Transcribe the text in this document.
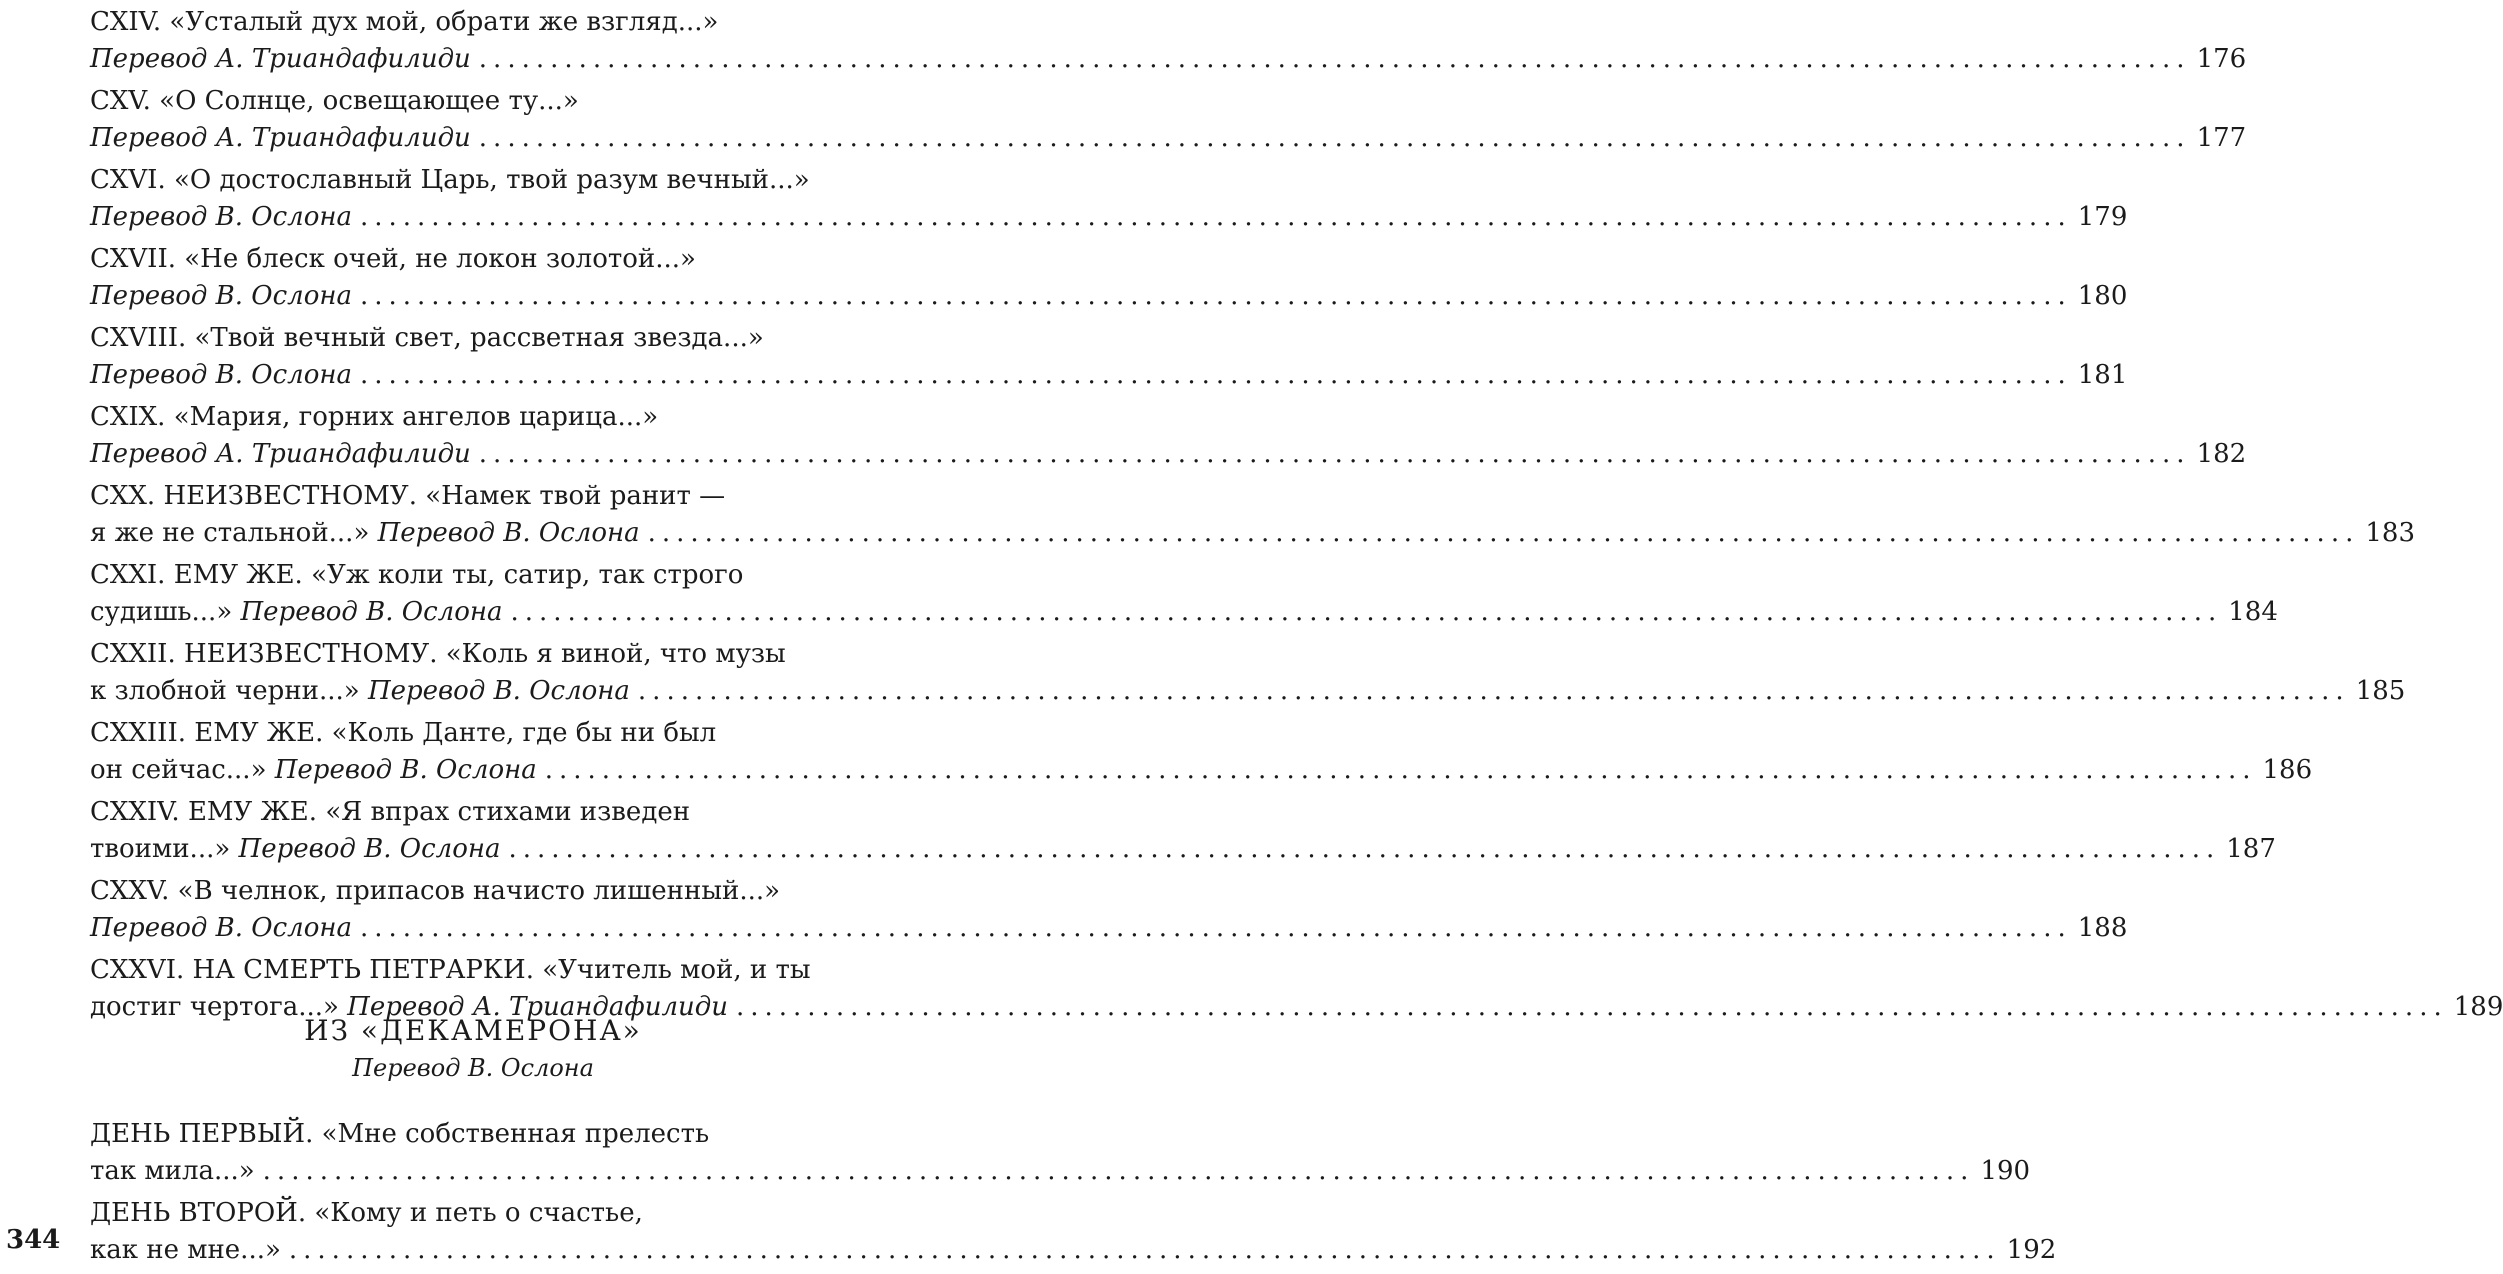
CXIV. «Усталый дух мой, обрати же взгляд...»
Перевод А. Триандафилиди ........................................................................................................................ 176
CXV. «О Солнце, освещающее ту...»
Перевод А. Триандафилиди ........................................................................................................................ 177
CXVI. «О достославный Царь, твой разум вечный...»
Перевод В. Ослона ........................................................................................................................ 179
CXVII. «Не блеск очей, не локон золотой...»
Перевод В. Ослона ........................................................................................................................ 180
CXVIII. «Твой вечный свет, рассветная звезда...»
Перевод В. Ослона ........................................................................................................................ 181
CXIX. «Мария, горних ангелов царица...»
Перевод А. Триандафилиди ........................................................................................................................ 182
CXX. НЕИЗВЕСТНОМУ. «Намек твой ранит —
я же не стальной...» Перевод В. Ослона ........................................................................................................................ 183
CXXI. ЕМУ ЖЕ. «Уж коли ты, сатир, так строго
судишь...» Перевод В. Ослона ........................................................................................................................ 184
CXXII. НЕИЗВЕСТНОМУ. «Коль я виной, что музы
к злобной черни...» Перевод В. Ослона ........................................................................................................................ 185
CXXIII. ЕМУ ЖЕ. «Коль Данте, где бы ни был
он сейчас...» Перевод В. Ослона ........................................................................................................................ 186
CXXIV. ЕМУ ЖЕ. «Я впрах стихами изведен
твоими...» Перевод В. Ослона ........................................................................................................................ 187
CXXV. «В челнок, припасов начисто лишенный...»
Перевод В. Ослона ........................................................................................................................ 188
CXXVI. НА СМЕРТЬ ПЕТРАРКИ. «Учитель мой, и ты
достиг чертога...» Перевод А. Триандафилиди ........................................................................................................................ 189
ИЗ «ДЕКАМЕРОНА»
Перевод В. Ослона
ДЕНЬ ПЕРВЫЙ. «Мне собственная прелесть
так мила...» ........................................................................................................................ 190
ДЕНЬ ВТОРОЙ. «Кому и петь о счастье,
как не мне...» ........................................................................................................................ 192
344
